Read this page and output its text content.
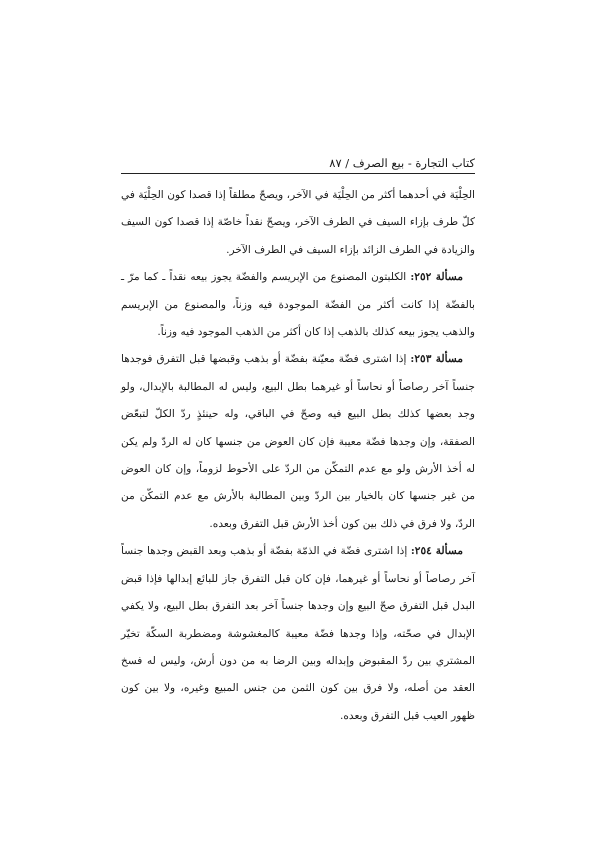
كتاب التجارة - بيع الصرف / ٨٧

الحِلْيَة في أحدهما أكثر من الحِلْيَة في الآخر، ويصحّ مطلقاً إذا قصدا كون الحِلْيَة في كلّ طرف بإزاء السيف في الطرف الآخر، ويصحّ نقداً خاصّة إذا قصدا كون السيف والزيادة في الطرف الزائد بإزاء السيف في الطرف الآخر.

مسألة ٢٥٢: الكلبتون المصنوع من الإبريسم والفضّة يجوز بيعه نقداً ـ كما مرّ ـ بالفضّة إذا كانت أكثر من الفضّة الموجودة فيه وزناً، والمصنوع من الإبريسم والذهب يجوز بيعه كذلك بالذهب إذا كان أكثر من الذهب الموجود فيه وزناً.

مسألة ٢٥٣: إذا اشترى فضّة معيّنة بفضّة أو بذهب وقبضها قبل التفرق فوجدها جنساً آخر رصاصاً أو نحاساً أو غيرهما بطل البيع، وليس له المطالبة بالإبدال، ولو وجد بعضها كذلك بطل البيع فيه وصحّ في الباقي، وله حينئذٍ ردّ الكلّ لتبعّض الصفقة، وإن وجدها فضّة معيبة فإن كان العوض من جنسها كان له الردّ ولم يكن له أخذ الأرش ولو مع عدم التمكّن من الردّ على الأحوط لزوماً، وإن كان العوض من غير جنسها كان بالخيار بين الردّ وبين المطالبة بالأرش مع عدم التمكّن من الردّ، ولا فرق في ذلك بين كون أخذ الأرش قبل التفرق وبعده.

مسألة ٢٥٤: إذا اشترى فضّة في الذمّة بفضّة أو بذهب وبعد القبض وجدها جنساً آخر رصاصاً أو نحاساً أو غيرهما، فإن كان قبل التفرق جاز للبائع إبدالها فإذا قبض البدل قبل التفرق صحّ البيع وإن وجدها جنساً آخر بعد التفرق بطل البيع، ولا يكفي الإبدال في صحّته، وإذا وجدها فضّة معيبة كالمغشوشة ومضطربة السكّة تخيّر المشتري بين ردّ المقبوض وإبداله وبين الرضا به من دون أرش، وليس له فسخ العقد من أصله، ولا فرق بين كون الثمن من جنس المبيع وغيره، ولا بين كون ظهور العيب قبل التفرق وبعده.
